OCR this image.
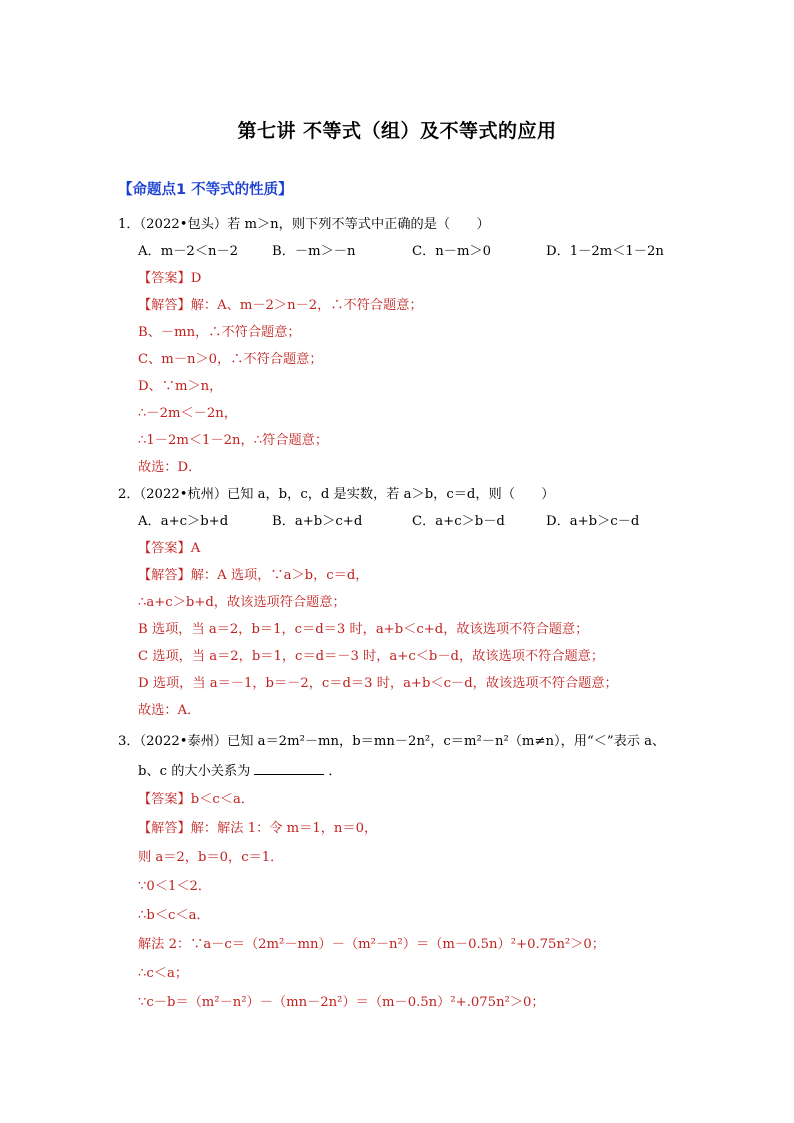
第七讲 不等式（组）及不等式的应用
【命题点1 不等式的性质】
1．（2022•包头）若 m＞n，则下列不等式中正确的是（　　）
A．m－2＜n－2	B．－m＞－n	C．n－m＞0	D．1－2m＜1－2n
【答案】D
【解答】解：A、m－2＞n－2，∴不符合题意；
B、－mn，∴不符合题意；
C、m－n＞0，∴不符合题意；
D、∵m＞n，
∴－2m＜－2n，
∴1－2m＜1－2n，∴符合题意；
故选：D．
2．（2022•杭州）已知 a，b，c，d 是实数，若 a＞b，c＝d，则（　　）
A．a+c＞b+d	B．a+b＞c+d	C．a+c＞b－d	D．a+b＞c－d
【答案】A
【解答】解：A 选项，∵a＞b，c＝d，
∴a+c＞b+d，故该选项符合题意；
B 选项，当 a＝2，b＝1，c＝d＝3 时，a+b＜c+d，故该选项不符合题意；
C 选项，当 a＝2，b＝1，c＝d＝－3 时，a+c＜b－d，故该选项不符合题意；
D 选项，当 a＝－1，b＝－2，c＝d＝3 时，a+b＜c－d，故该选项不符合题意；
故选：A．
3．（2022•泰州）已知 a＝2m²－mn，b＝mn－2n²，c＝m²－n²（m≠n），用“＜”表示 a、
b、c 的大小关系为	．
【答案】b＜c＜a．
【解答】解：解法 1：令 m＝1，n＝0，
则 a＝2，b＝0，c＝1．
∵0＜1＜2．
∴b＜c＜a．
解法 2：∵a－c＝（2m²－mn）－（m²－n²）＝（m－0.5n）²+0.75n²＞0；
∴c＜a；
∵c－b＝（m²－n²）－（mn－2n²）＝（m－0.5n）²+.075n²＞0；
